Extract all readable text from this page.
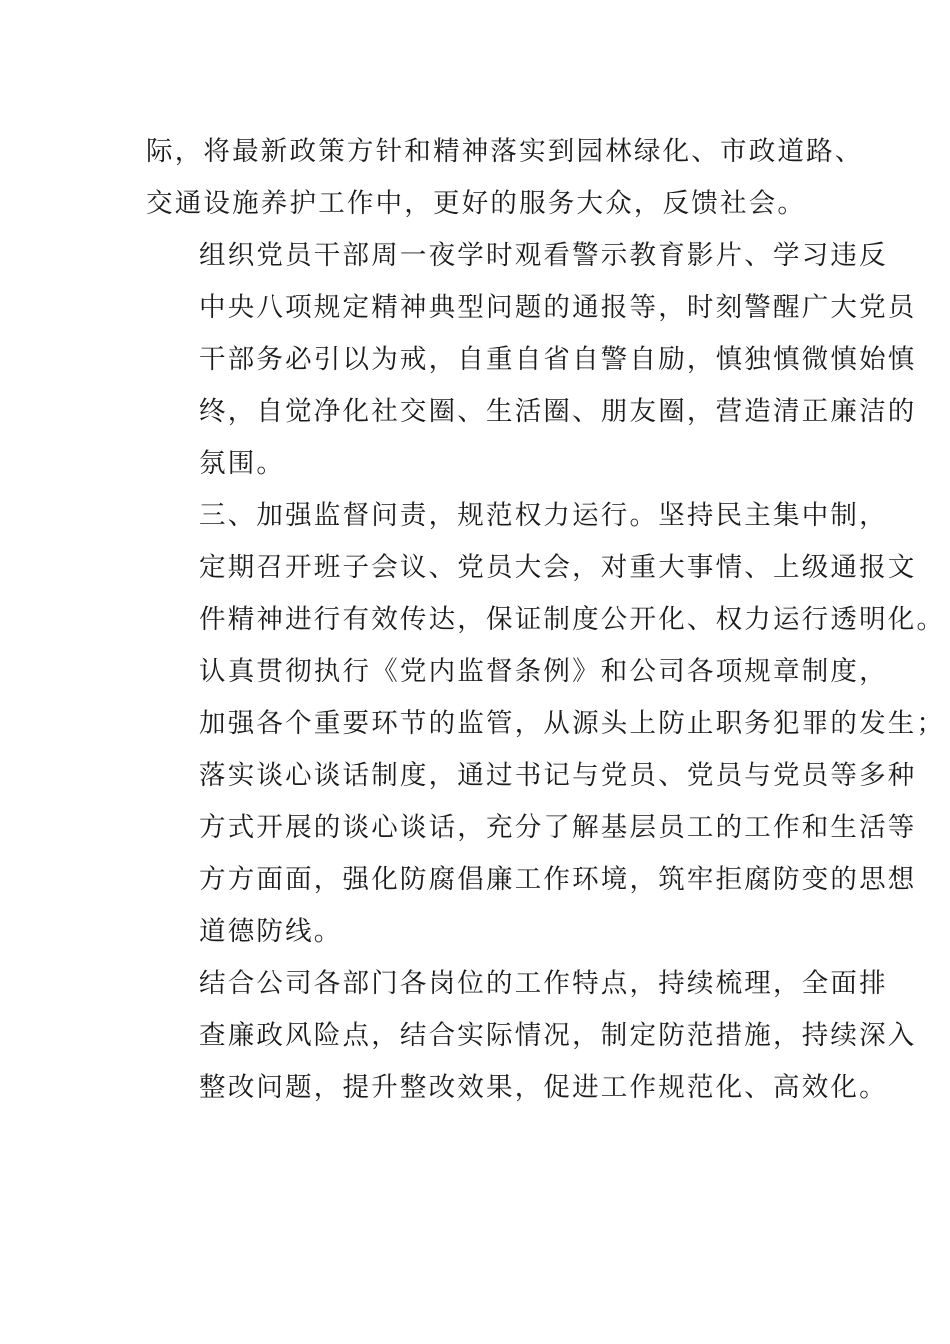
际，将最新政策方针和精神落实到园林绿化、市政道路、
交通设施养护工作中，更好的服务大众，反馈社会。

组织党员干部周一夜学时观看警示教育影片、学习违反
中央八项规定精神典型问题的通报等，时刻警醒广大党员
干部务必引以为戒，自重自省自警自励，慎独慎微慎始慎
终，自觉净化社交圈、生活圈、朋友圈，营造清正廉洁的
氛围。

三、加强监督问责，规范权力运行。坚持民主集中制，
定期召开班子会议、党员大会，对重大事情、上级通报文
件精神进行有效传达，保证制度公开化、权力运行透明化。

认真贯彻执行《党内监督条例》和公司各项规章制度，
加强各个重要环节的监管，从源头上防止职务犯罪的发生；
落实谈心谈话制度，通过书记与党员、党员与党员等多种
方式开展的谈心谈话，充分了解基层员工的工作和生活等
方方面面，强化防腐倡廉工作环境，筑牢拒腐防变的思想
道德防线。

结合公司各部门各岗位的工作特点，持续梳理，全面排
查廉政风险点，结合实际情况，制定防范措施，持续深入
整改问题，提升整改效果，促进工作规范化、高效化。
